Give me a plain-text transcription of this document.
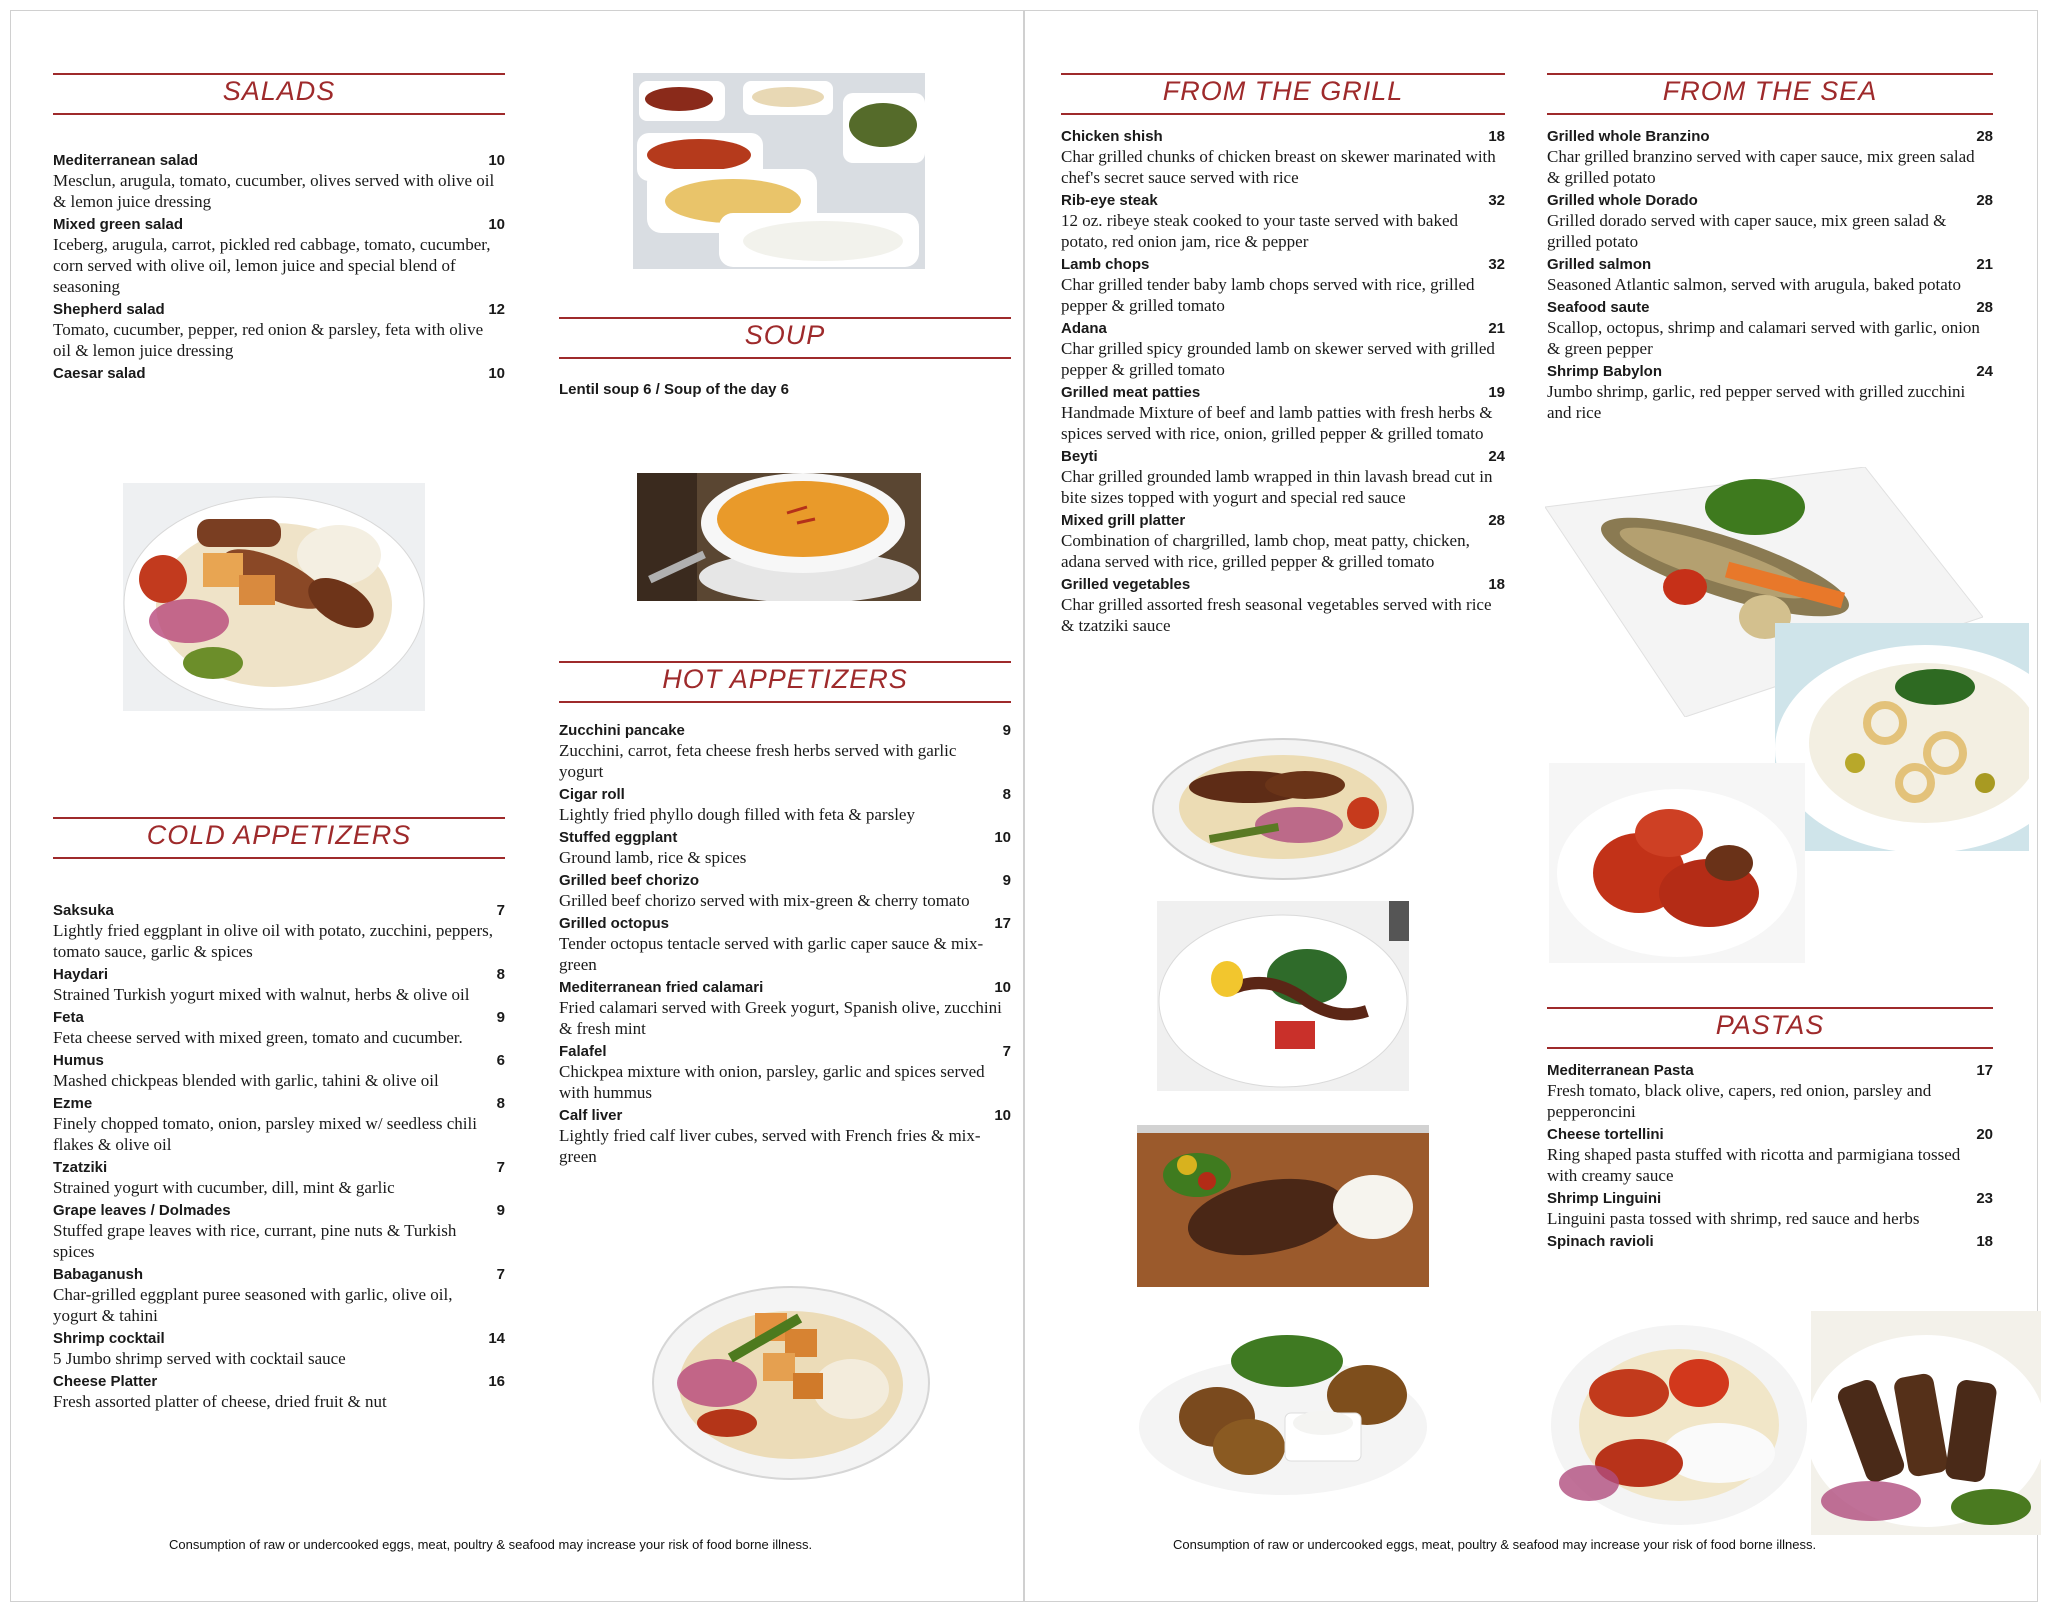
SALADS
Mediterranean salad	10
Mesclun, arugula, tomato, cucumber, olives served with olive oil & lemon juice dressing
Mixed green salad	10
Iceberg, arugula, carrot, pickled red cabbage, tomato, cucumber, corn served with olive oil, lemon juice and special blend of seasoning
Shepherd salad	12
Tomato, cucumber, pepper, red onion & parsley, feta with olive oil & lemon juice dressing
Caesar salad	10
COLD APPETIZERS
Saksuka	7
Lightly fried eggplant in olive oil with potato, zucchini, peppers, tomato sauce, garlic & spices
Haydari	8
Strained Turkish yogurt mixed with walnut, herbs & olive oil
Feta	9
Feta cheese served with mixed green, tomato and cucumber.
Humus	6
Mashed chickpeas blended with garlic, tahini & olive oil
Ezme	8
Finely chopped tomato, onion, parsley mixed w/ seedless chili flakes & olive oil
Tzatziki	7
Strained yogurt with cucumber, dill, mint & garlic
Grape leaves / Dolmades	9
Stuffed grape leaves with rice, currant, pine nuts & Turkish spices
Babaganush	7
Char-grilled eggplant puree seasoned with garlic, olive oil, yogurt & tahini
Shrimp cocktail	14
5 Jumbo shrimp served with cocktail sauce
Cheese Platter	16
Fresh assorted platter of cheese, dried fruit & nut
SOUP
Lentil soup 6 / Soup of the day 6
HOT APPETIZERS
Zucchini pancake	9
Zucchini, carrot, feta cheese fresh herbs served with garlic yogurt
Cigar roll	8
Lightly fried phyllo dough filled with feta & parsley
Stuffed eggplant	10
Ground lamb, rice & spices
Grilled beef chorizo	9
Grilled beef chorizo served with mix-green & cherry tomato
Grilled octopus	17
Tender octopus tentacle served with garlic caper sauce & mix-green
Mediterranean fried calamari	10
Fried calamari served with Greek yogurt, Spanish olive, zucchini & fresh mint
Falafel	7
Chickpea mixture with onion, parsley, garlic and spices served with hummus
Calf liver	10
Lightly fried calf liver cubes, served with French fries & mix-green
Consumption of raw or undercooked eggs, meat, poultry & seafood may increase your risk of food borne illness.
FROM THE GRILL
Chicken shish	18
Char grilled chunks of chicken breast on skewer marinated with chef's secret sauce served with rice
Rib-eye steak	32
12 oz. ribeye steak cooked to your taste served with baked potato, red onion jam, rice & pepper
Lamb chops	32
Char grilled tender baby lamb chops served with rice, grilled pepper & grilled tomato
Adana	21
Char grilled spicy grounded lamb on skewer served with grilled pepper & grilled tomato
Grilled meat patties	19
Handmade Mixture of beef and lamb patties with fresh herbs & spices served with rice, onion, grilled pepper & grilled tomato
Beyti	24
Char grilled grounded lamb wrapped in thin lavash bread cut in bite sizes topped with yogurt and special red sauce
Mixed grill platter	28
Combination of chargrilled, lamb chop, meat patty, chicken, adana served with rice, grilled pepper & grilled tomato
Grilled vegetables	18
Char grilled assorted fresh seasonal vegetables served with rice & tzatziki sauce
FROM THE SEA
Grilled whole Branzino	28
Char grilled branzino served with caper sauce, mix green salad & grilled potato
Grilled whole Dorado	28
Grilled dorado served with caper sauce, mix green salad & grilled potato
Grilled salmon	21
Seasoned Atlantic salmon, served with arugula, baked potato
Seafood saute	28
Scallop, octopus, shrimp and calamari served with garlic, onion & green pepper
Shrimp Babylon	24
Jumbo shrimp, garlic, red pepper served with grilled zucchini and rice
PASTAS
Mediterranean Pasta	17
Fresh tomato, black olive, capers, red onion, parsley and pepperoncini
Cheese tortellini	20
Ring shaped pasta stuffed with ricotta and parmigiana tossed with creamy sauce
Shrimp Linguini	23
Linguini pasta tossed with shrimp, red sauce and herbs
Spinach ravioli	18
Consumption of raw or undercooked eggs, meat, poultry & seafood may increase your risk of food borne illness.
